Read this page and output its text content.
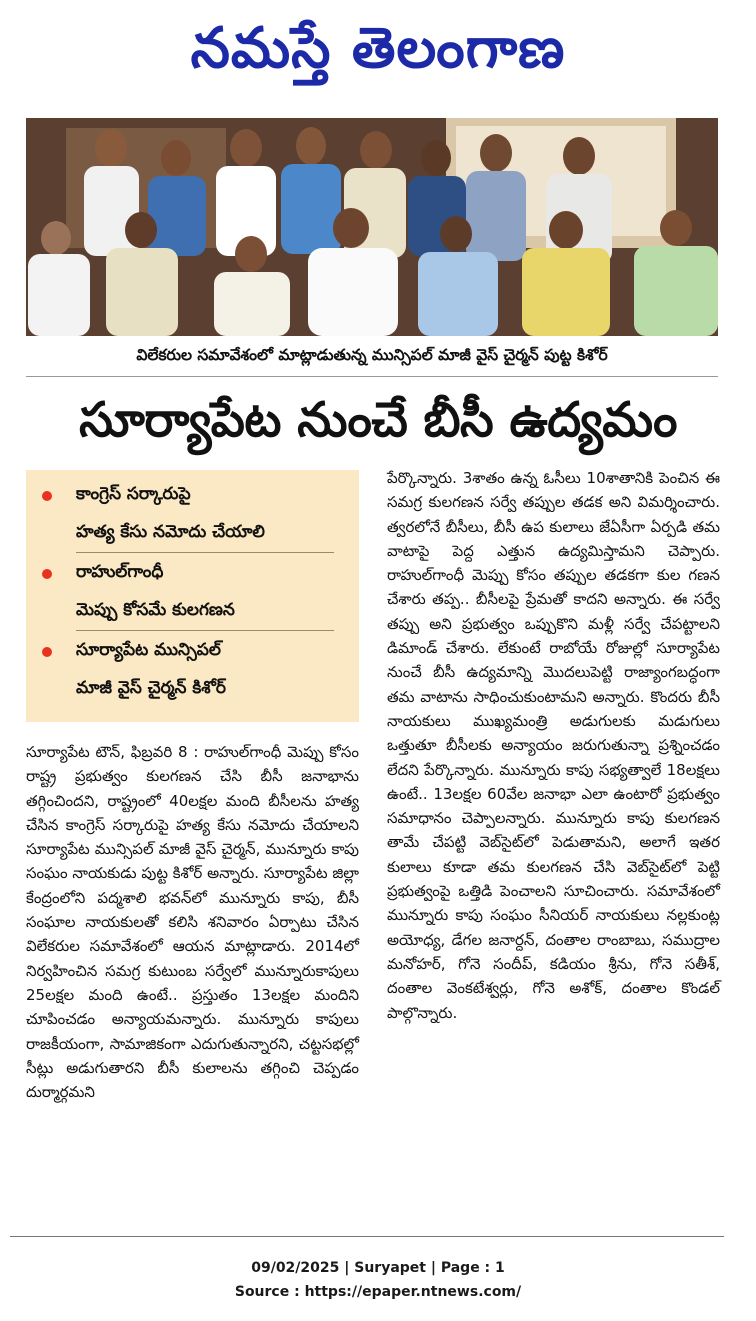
నమస్తే తెలంగాణ
విలేకరుల సమావేశంలో మాట్లాడుతున్న మున్సిపల్ మాజీ వైస్ చైర్మన్ పుట్ట కిశోర్
సూర్యాపేట నుంచే బీసీ ఉద్యమం
కాంగ్రెస్ సర్కారుపై
హత్య కేసు నమోదు చేయాలి
రాహుల్‌గాంధీ
మెప్పు కోసమే కులగణన
సూర్యాపేట మున్సిపల్
మాజీ వైస్ చైర్మన్ కిశోర్

సూర్యాపేట టౌన్, ఫిబ్రవరి 8 : రాహుల్‌గాంధీ మెప్పు కోసం రాష్ట్ర ప్రభుత్వం కులగణన చేసి బీసీ జనాభాను తగ్గించిందని, రాష్ట్రంలో 40లక్షల మంది బీసీలను హత్య చేసిన కాంగ్రెస్ సర్కారుపై హత్య కేసు నమోదు చేయాలని సూర్యాపేట మున్సిపల్ మాజీ వైస్ చైర్మన్, మున్నూరు కాపు సంఘం నాయకుడు పుట్ట కిశోర్ అన్నారు. సూర్యాపేట జిల్లా కేంద్రంలోని పద్మశాలి భవన్‌లో మున్నూరు కాపు, బీసీ సంఘాల నాయకులతో కలిసి శనివారం ఏర్పాటు చేసిన విలేకరుల సమావేశంలో ఆయన మాట్లాడారు. 2014లో నిర్వహించిన సమగ్ర కుటుంబ సర్వేలో మున్నూరుకాపులు 25లక్షల మంది ఉంటే.. ప్రస్తుతం 13లక్షల మందిని చూపించడం అన్యాయమన్నారు. మున్నూరు కాపులు రాజకీయంగా, సామాజికంగా ఎదుగుతున్నారని, చట్టసభల్లో సీట్లు అడుగుతారని బీసీ కులాలను తగ్గించి చెప్పడం దుర్మార్గమని

పేర్కొన్నారు. 3శాతం ఉన్న ఓసీలు 10శాతానికి పెంచిన ఈ సమగ్ర కులగణన సర్వే తప్పుల తడక అని విమర్శించారు. త్వరలోనే బీసీలు, బీసీ ఉప కులాలు జేఏసీగా ఏర్పడి తమ వాటాపై పెద్ద ఎత్తున ఉద్యమిస్తామని చెప్పారు. రాహుల్‌గాంధీ మెప్పు కోసం తప్పుల తడకగా కుల గణన చేశారు తప్ప.. బీసీలపై ప్రేమతో కాదని అన్నారు. ఈ సర్వే తప్పు అని ప్రభుత్వం ఒప్పుకొని మళ్లీ సర్వే చేపట్టాలని డిమాండ్ చేశారు. లేకుంటే రాబోయే రోజుల్లో సూర్యాపేట నుంచే బీసీ ఉద్యమాన్ని మొదలుపెట్టి రాజ్యాంగబద్ధంగా తమ వాటాను సాధించుకుంటామని అన్నారు. కొందరు బీసీ నాయకులు ముఖ్యమంత్రి అడుగులకు మడుగులు ఒత్తుతూ బీసీలకు అన్యాయం జరుగుతున్నా ప్రశ్నించడం లేదని పేర్కొన్నారు. మున్నూరు కాపు సభ్యత్వాలే 18లక్షలు ఉంటే.. 13లక్షల 60వేల జనాభా ఎలా ఉంటారో ప్రభుత్వం సమాధానం చెప్పాలన్నారు. మున్నూరు కాపు కులగణన తామే చేపట్టి వెబ్‌సైట్‌లో పెడుతామని, అలాగే ఇతర కులాలు కూడా తమ కులగణన చేసి వెబ్‌సైట్‌లో పెట్టి ప్రభుత్వంపై ఒత్తిడి పెంచాలని సూచించారు. సమావేశంలో మున్నూరు కాపు సంఘం సీనియర్ నాయకులు నల్లకుంట్ల అయోధ్య, డేగల జనార్దన్, దంతాల రాంబాబు, సముద్రాల మనోహర్, గోనె సందీప్, కడియం శ్రీను, గోనె సతీశ్, దంతాల వెంకటేశ్వర్లు, గోనె అశోక్, దంతాల కొండల్ పాల్గొన్నారు.

09/02/2025 | Suryapet | Page : 1
Source : https://epaper.ntnews.com/
